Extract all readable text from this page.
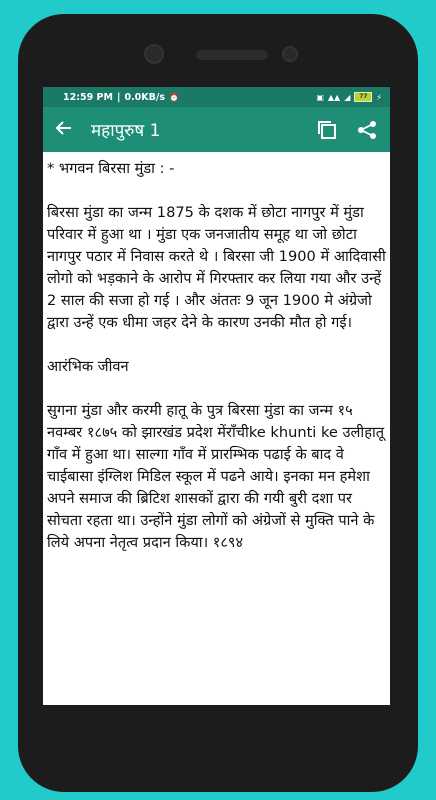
12:59 PM | 0.0KB/s ⏰	▣ ▲▲ ◢	77	⚡
महापुरुष 1

* भगवन बिरसा मुंडा : -

बिरसा मुंडा का जन्म 1875 के दशक में छोटा नागपुर में मुंडा परिवार में हुआ था । मुंडा एक जनजातीय समूह था जो छोटा नागपुर पठार में निवास करते थे । बिरसा जी 1900 में आदिवासी लोगो को भड़काने के आरोप में गिरफ्तार कर लिया गया और उन्हें 2 साल की सजा हो गई । और अंततः 9 जून 1900 मे अंग्रेजो द्वारा उन्हें एक धीमा जहर देने के कारण उनकी मौत हो गई।

आरंभिक जीवन

सुगना मुंडा और करमी हातू के पुत्र बिरसा मुंडा का जन्म १५ नवम्बर १८७५ को झारखंड प्रदेश मेंराँचीke khunti ke उलीहातू गाँव में हुआ था। साल्गा गाँव में प्रारम्भिक पढाई के बाद वे चाईबासा इंग्लिश मिडिल स्कूल में पढने आये। इनका मन हमेशा अपने समाज की ब्रिटिश शासकों द्वारा की गयी बुरी दशा पर सोचता रहता था। उन्होंने मुंडा लोगों को अंग्रेजों से मुक्ति पाने के लिये अपना नेतृत्व प्रदान किया। १८९४
